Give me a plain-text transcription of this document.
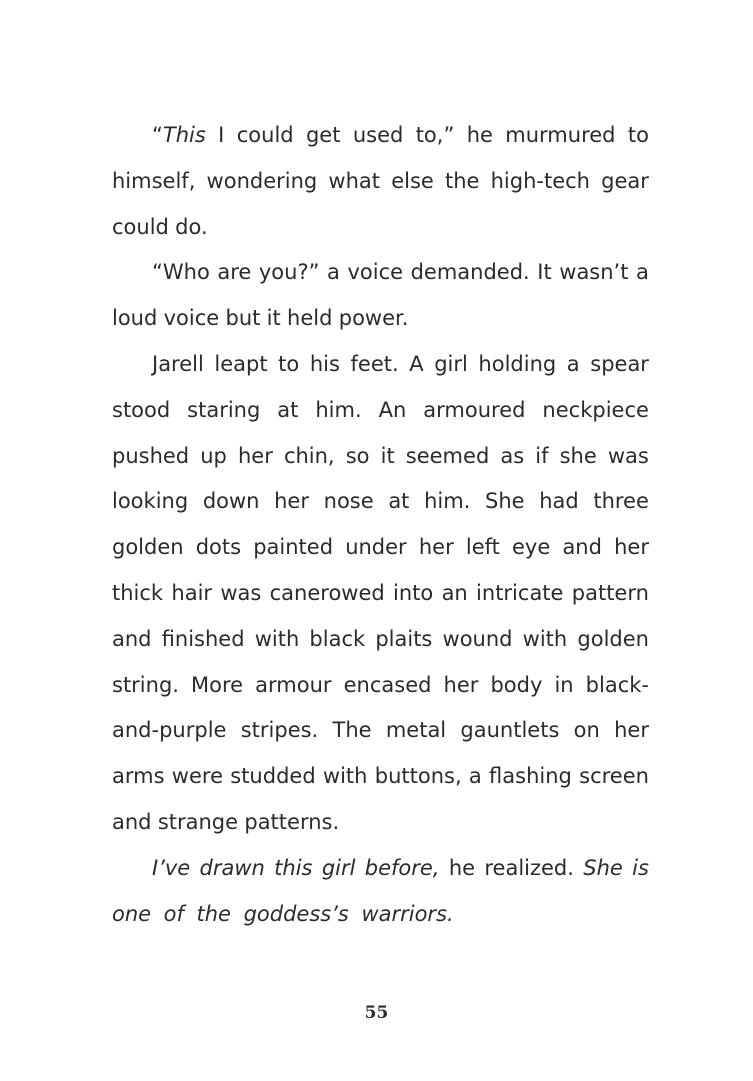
“This I could get used to,” he murmured to
himself, wondering what else the high-tech gear
could do.
“Who are you?” a voice demanded. It wasn’t a
loud voice but it held power.
Jarell leapt to his feet. A girl holding a spear
stood staring at him. An armoured neckpiece
pushed up her chin, so it seemed as if she was
looking down her nose at him. She had three
golden dots painted under her left eye and her
thick hair was canerowed into an intricate pattern
and finished with black plaits wound with golden
string. More armour encased her body in black-
and-purple stripes. The metal gauntlets on her
arms were studded with buttons, a flashing screen
and strange patterns.
I’ve drawn this girl before, he realized. She is
one of the goddess’s warriors.
55
